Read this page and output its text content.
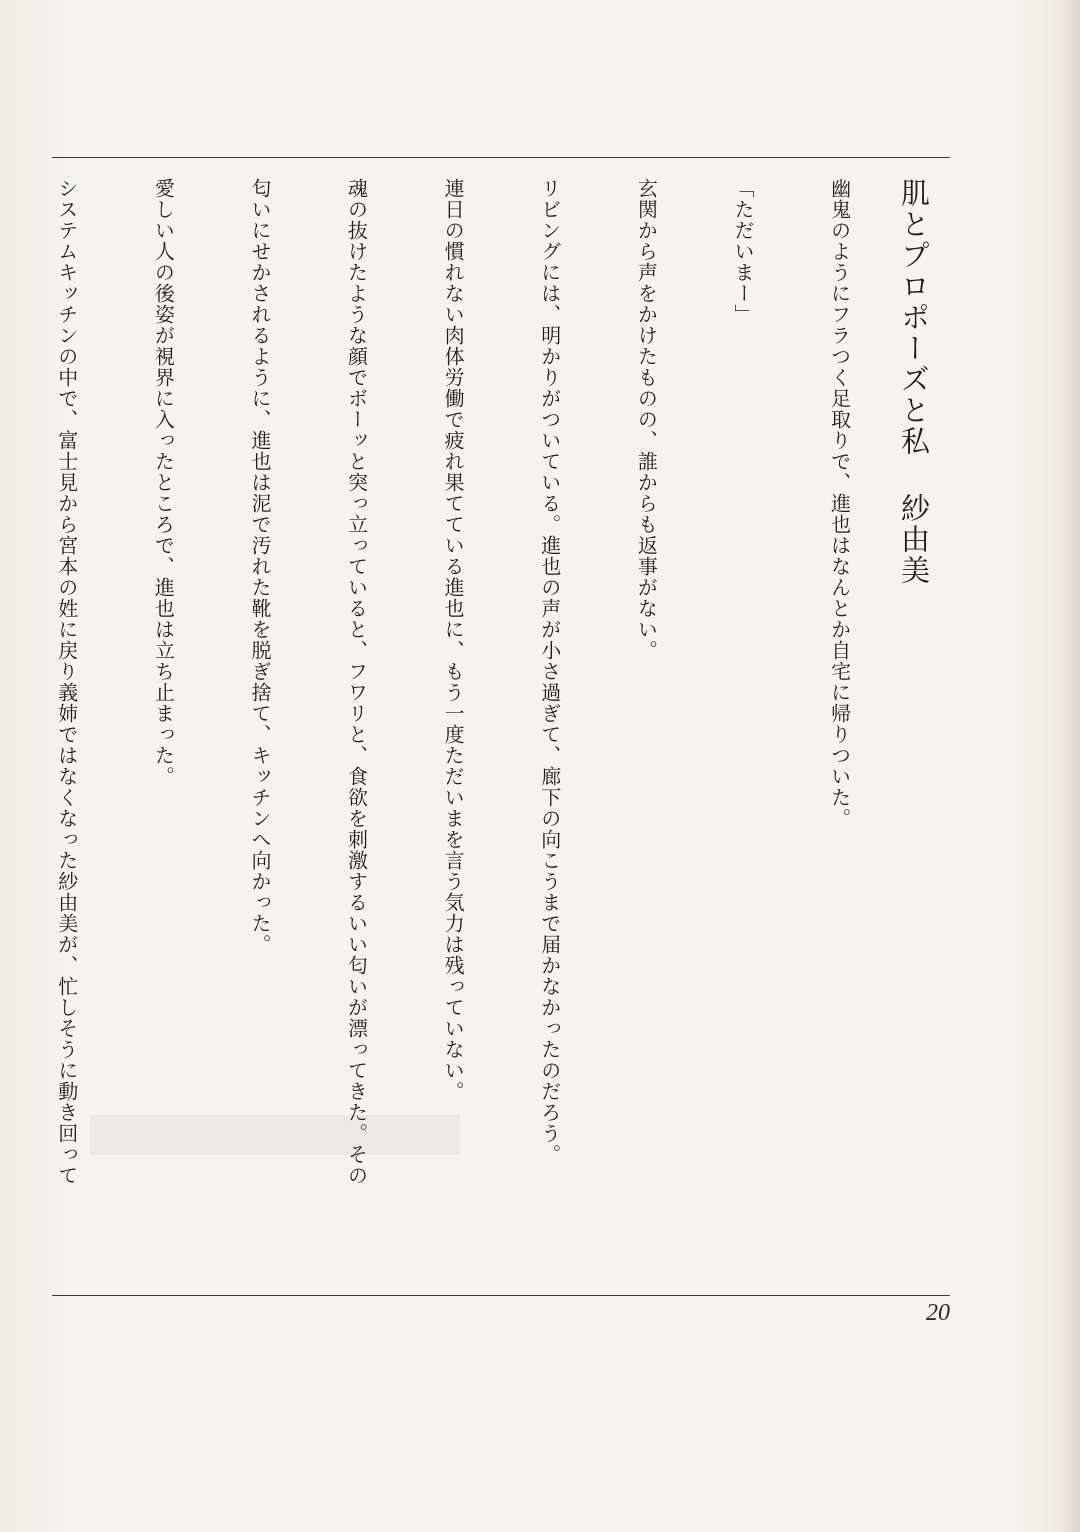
肌とプロポーズと私紗由美

幽鬼のようにフラつく足取りで、進也はなんとか自宅に帰りついた。

「ただいまー」

玄関から声をかけたものの、誰からも返事がない。

リビングには、明かりがついている。進也の声が小さ過ぎて、廊下の向こうまで届かなかったのだろう。

連日の慣れない肉体労働で疲れ果てている進也に、もう一度ただいまを言う気力は残っていない。

魂の抜けたような顔でボーッと突っ立っていると、フワリと、食欲を刺激するいい匂いが漂ってきた。その

匂いにせかされるように、進也は泥で汚れた靴を脱ぎ捨て、キッチンへ向かった。

愛しい人の後姿が視界に入ったところで、進也は立ち止まった。

システムキッチンの中で、富士見から宮本の姓に戻り義姉ではなくなった紗由美が、忙しそうに動き回って

20
